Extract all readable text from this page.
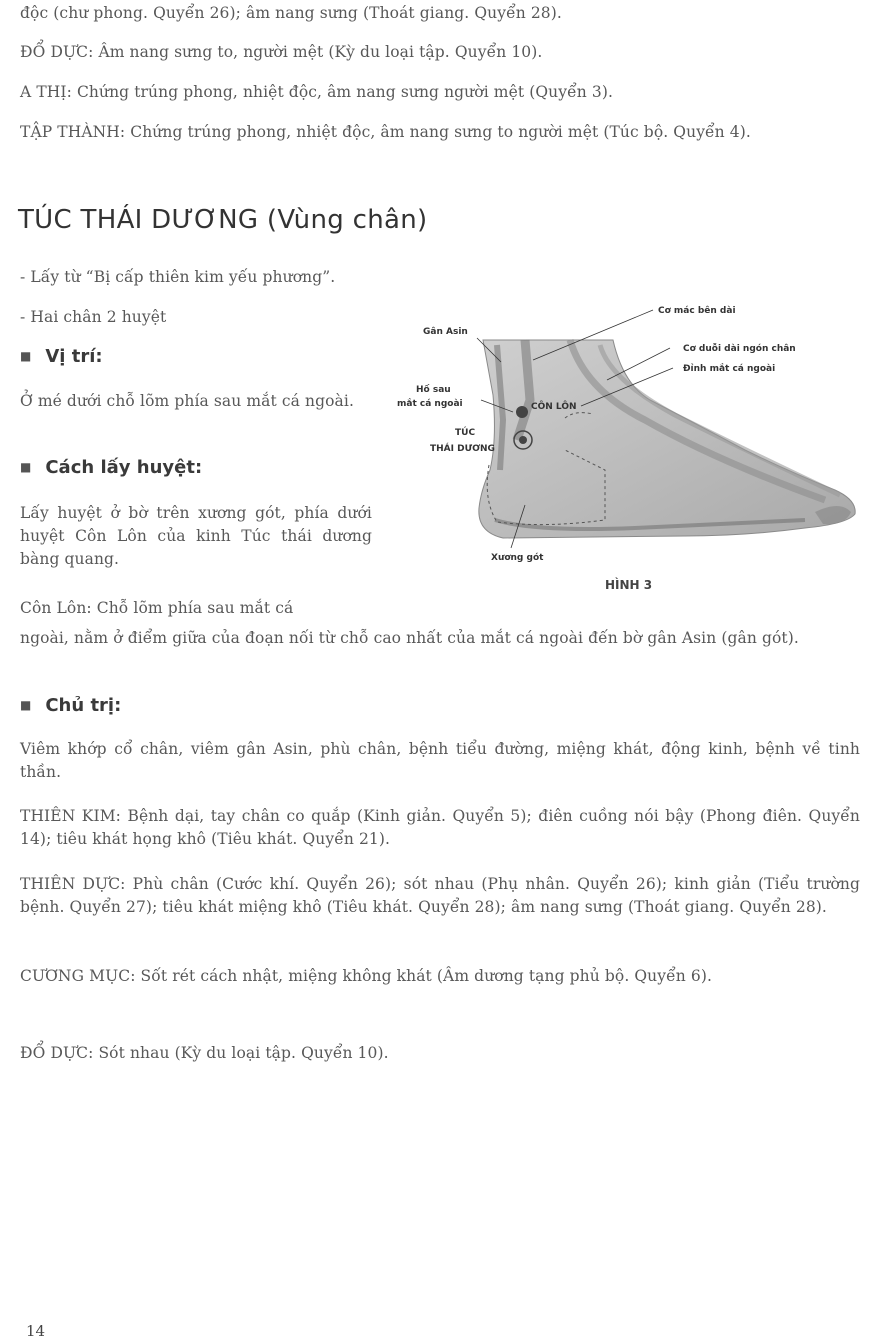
độc (chư phong. Quyển 26); âm nang sưng (Thoát giang. Quyển 28).
ĐỔ DỰC: Âm nang sưng to, người mệt (Kỳ du loại tập. Quyển 10).
A THỊ: Chứng trúng phong, nhiệt độc, âm nang sưng người mệt (Quyển 3).
TẬP THÀNH: Chứng trúng phong, nhiệt độc, âm nang sưng to người mệt (Túc bộ. Quyển 4).
TÚC THÁI DƯƠNG (Vùng chân)
- Lấy từ “Bị cấp thiên kim yếu phương”.
- Hai chân 2 huyệt
■ Vị trí:
Ở mé dưới chỗ lõm phía sau mắt cá ngoài.
■ Cách lấy huyệt:
Lấy huyệt ở bờ trên xương gót, phía dưới huyệt Côn Lôn của kinh Túc thái dương bàng quang.
Côn Lôn: Chỗ lõm phía sau mắt cá
ngoài, nằm ở điểm giữa của đoạn nối từ chỗ cao nhất của mắt cá ngoài đến bờ gân Asin (gân gót).
■ Chủ trị:
Viêm khớp cổ chân, viêm gân Asin, phù chân, bệnh tiểu đường, miệng khát, động kinh, bệnh về tinh thần.
THIÊN KIM: Bệnh dại, tay chân co quắp (Kinh giản. Quyển 5); điên cuồng nói bậy (Phong điên. Quyển 14); tiêu khát họng khô (Tiêu khát. Quyển 21).
THIÊN DỰC: Phù chân (Cước khí. Quyển 26); sót nhau (Phụ nhân. Quyển 26); kinh giản (Tiểu trường bệnh. Quyển 27); tiêu khát miệng khô (Tiêu khát. Quyển 28); âm nang sưng (Thoát giang. Quyển 28).
CƯƠNG MỤC: Sốt rét cách nhật, miệng không khát (Âm dương tạng phủ bộ. Quyển 6).
ĐỔ DỰC: Sót nhau (Kỳ du loại tập. Quyển 10).
Cơ mác bên dài
Gân Asin
Cơ duỗi dài ngón chân
Đỉnh mắt cá ngoài
Hố sau
mắt cá ngoài	CÔN LÔN
TÚC
THÁI DƯƠNG
Xương gót
HÌNH 3
14
